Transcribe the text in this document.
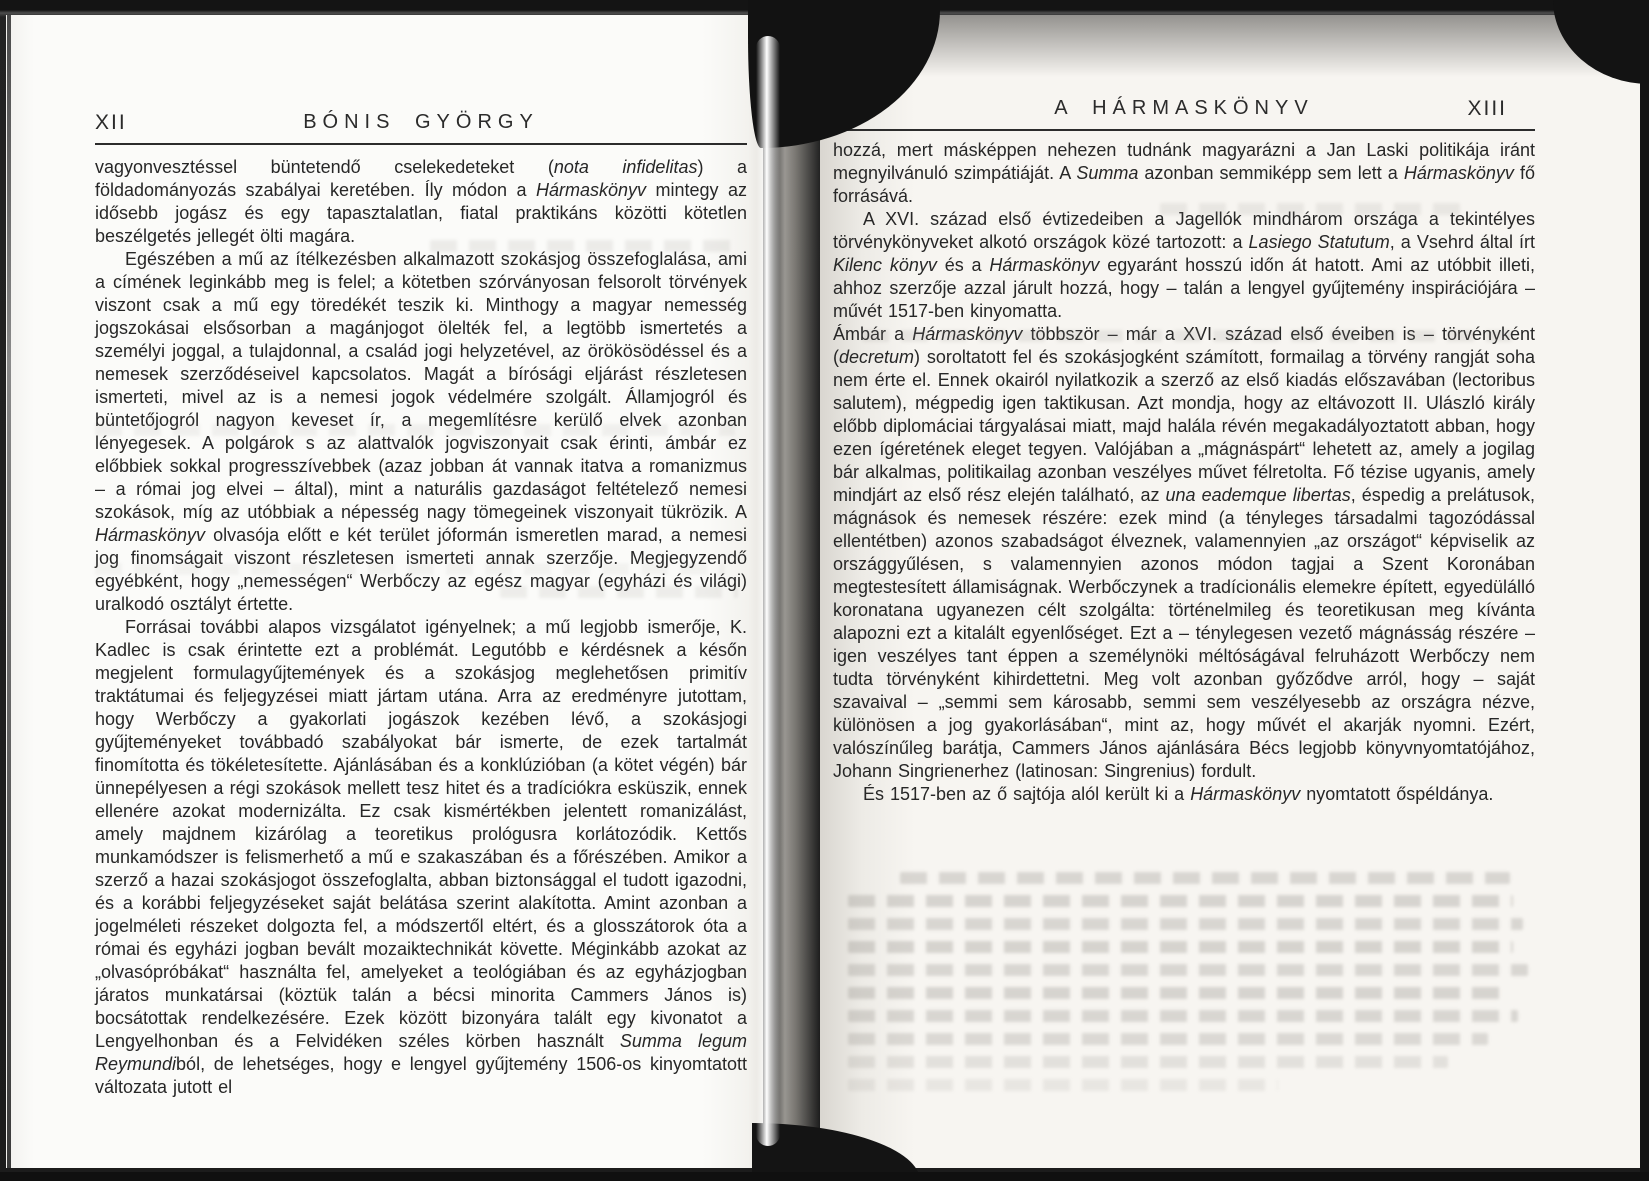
XII	BÓNIS GYÖRGY

vagyonvesztéssel büntetendő cselekedeteket (nota infidelitas) a földadományozás szabályai keretében. Íly módon a Hármaskönyv mintegy az idősebb jogász és egy tapasztalatlan, fiatal praktikáns közötti kötetlen beszélgetés jellegét ölti magára.

Egészében a mű az ítélkezésben alkalmazott szokásjog összefoglalása, ami a címének leginkább meg is felel; a kötetben szórványosan felsorolt törvények viszont csak a mű egy töredékét teszik ki. Minthogy a magyar nemesség jogszokásai elsősorban a magánjogot ölelték fel, a legtöbb ismertetés a személyi joggal, a tulajdonnal, a család jogi helyzetével, az örökösödéssel és a nemesek szerződéseivel kapcsolatos. Magát a bírósági eljárást részletesen ismerteti, mivel az is a nemesi jogok védelmére szolgált. Államjogról és büntetőjogról nagyon keveset ír, a megemlítésre kerülő elvek azonban lényegesek. A polgárok s az alattvalók jogviszonyait csak érinti, ámbár ez előbbiek sokkal progresszívebbek (azaz jobban át vannak itatva a romanizmus – a római jog elvei – által), mint a naturális gazdaságot feltételező nemesi szokások, míg az utóbbiak a népesség nagy tömegeinek viszonyait tükrözik. A Hármaskönyv olvasója előtt e két terület jóformán ismeretlen marad, a nemesi jog finomságait viszont részletesen ismerteti annak szerzője. Megjegyzendő egyébként, hogy „nemességen“ Werbőczy az egész magyar (egyházi és világi) uralkodó osztályt értette.

Forrásai további alapos vizsgálatot igényelnek; a mű legjobb ismerője, K. Kadlec is csak érintette ezt a problémát. Legutóbb e kérdésnek a későn megjelent formulagyűjtemények és a szokásjog meglehetősen primitív traktátumai és feljegyzései miatt jártam utána. Arra az eredményre jutottam, hogy Werbőczy a gyakorlati jogászok kezében lévő, a szokásjogi gyűjteményeket továbbadó szabályokat bár ismerte, de ezek tartalmát finomította és tökéletesítette. Ajánlásában és a konklúzióban (a kötet végén) bár ünnepélyesen a régi szokások mellett tesz hitet és a tradíciókra esküszik, ennek ellenére azokat modernizálta. Ez csak kismértékben jelentett romanizálást, amely majdnem kizárólag a teoretikus prológusra korlátozódik. Kettős munkamódszer is felismerhető a mű e szakaszában és a főrészében. Amikor a szerző a hazai szokásjogot összefoglalta, abban biztonsággal el tudott igazodni, és a korábbi feljegyzéseket saját belátása szerint alakította. Amint azonban a jogelméleti részeket dolgozta fel, a módszertől eltért, és a glosszátorok óta a római és egyházi jogban bevált mozaiktechnikát követte. Méginkább azokat az „olvasópróbákat“ használta fel, amelyeket a teológiában és az egyházjogban járatos munkatársai (köztük talán a bécsi minorita Cammers János is) bocsátottak rendelkezésére. Ezek között bizonyára talált egy kivonatot a Lengyelhonban és a Felvidéken széles körben használt Summa legum Reymundiból, de lehetséges, hogy e lengyel gyűjtemény 1506-os kinyomtatott változata jutott el

A HÁRMASKÖNYV	XIII

hozzá, mert másképpen nehezen tudnánk magyarázni a Jan Laski politikája iránt megnyilvánuló szimpátiáját. A Summa azonban semmiképp sem lett a Hármaskönyv fő forrásává.

A XVI. század első évtizedeiben a Jagellók mindhárom országa a tekintélyes törvénykönyveket alkotó országok közé tartozott: a Lasiego Statutum, a Vsehrd által írt Kilenc könyv és a Hármaskönyv egyaránt hosszú időn át hatott. Ami az utóbbit illeti, ahhoz szerzője azzal járult hozzá, hogy – talán a lengyel gyűjtemény inspirációjára – művét 1517-ben kinyomatta.

Ámbár a Hármaskönyv többször – már a XVI. század első éveiben is – törvényként (decretum) soroltatott fel és szokásjogként számított, formailag a törvény rangját soha nem érte el. Ennek okairól nyilatkozik a szerző az első kiadás előszavában (lectoribus salutem), mégpedig igen taktikusan. Azt mondja, hogy az eltávozott II. Ulászló király előbb diplomáciai tárgyalásai miatt, majd halála révén megakadályoztatott abban, hogy ezen ígéretének eleget tegyen. Valójában a „mágnáspárt“ lehetett az, amely a jogilag bár alkalmas, politikailag azonban veszélyes művet félretolta. Fő tézise ugyanis, amely mindjárt az első rész elején található, az una eademque libertas, éspedig a prelátusok, mágnások és nemesek részére: ezek mind (a tényleges társadalmi tagozódással ellentétben) azonos szabadságot élveznek, valamennyien „az országot“ képviselik az országgyűlésen, s valamennyien azonos módon tagjai a Szent Koronában megtestesített államiságnak. Werbőczynek a tradícionális elemekre épített, egyedülálló koronatana ugyanezen célt szolgálta: történelmileg és teoretikusan meg kívánta alapozni ezt a kitalált egyenlőséget. Ezt a – ténylegesen vezető mágnásság részére – igen veszélyes tant éppen a személynöki méltóságával felruházott Werbőczy nem tudta törvényként kihirdettetni. Meg volt azonban győződve arról, hogy – saját szavaival – „semmi sem károsabb, semmi sem veszélyesebb az országra nézve, különösen a jog gyakorlásában“, mint az, hogy művét el akarják nyomni. Ezért, valószínűleg barátja, Cammers János ajánlására Bécs legjobb könyvnyomtatójához, Johann Singrienerhez (latinosan: Singrenius) fordult.

És 1517-ben az ő sajtója alól került ki a Hármaskönyv nyomtatott őspéldánya.
